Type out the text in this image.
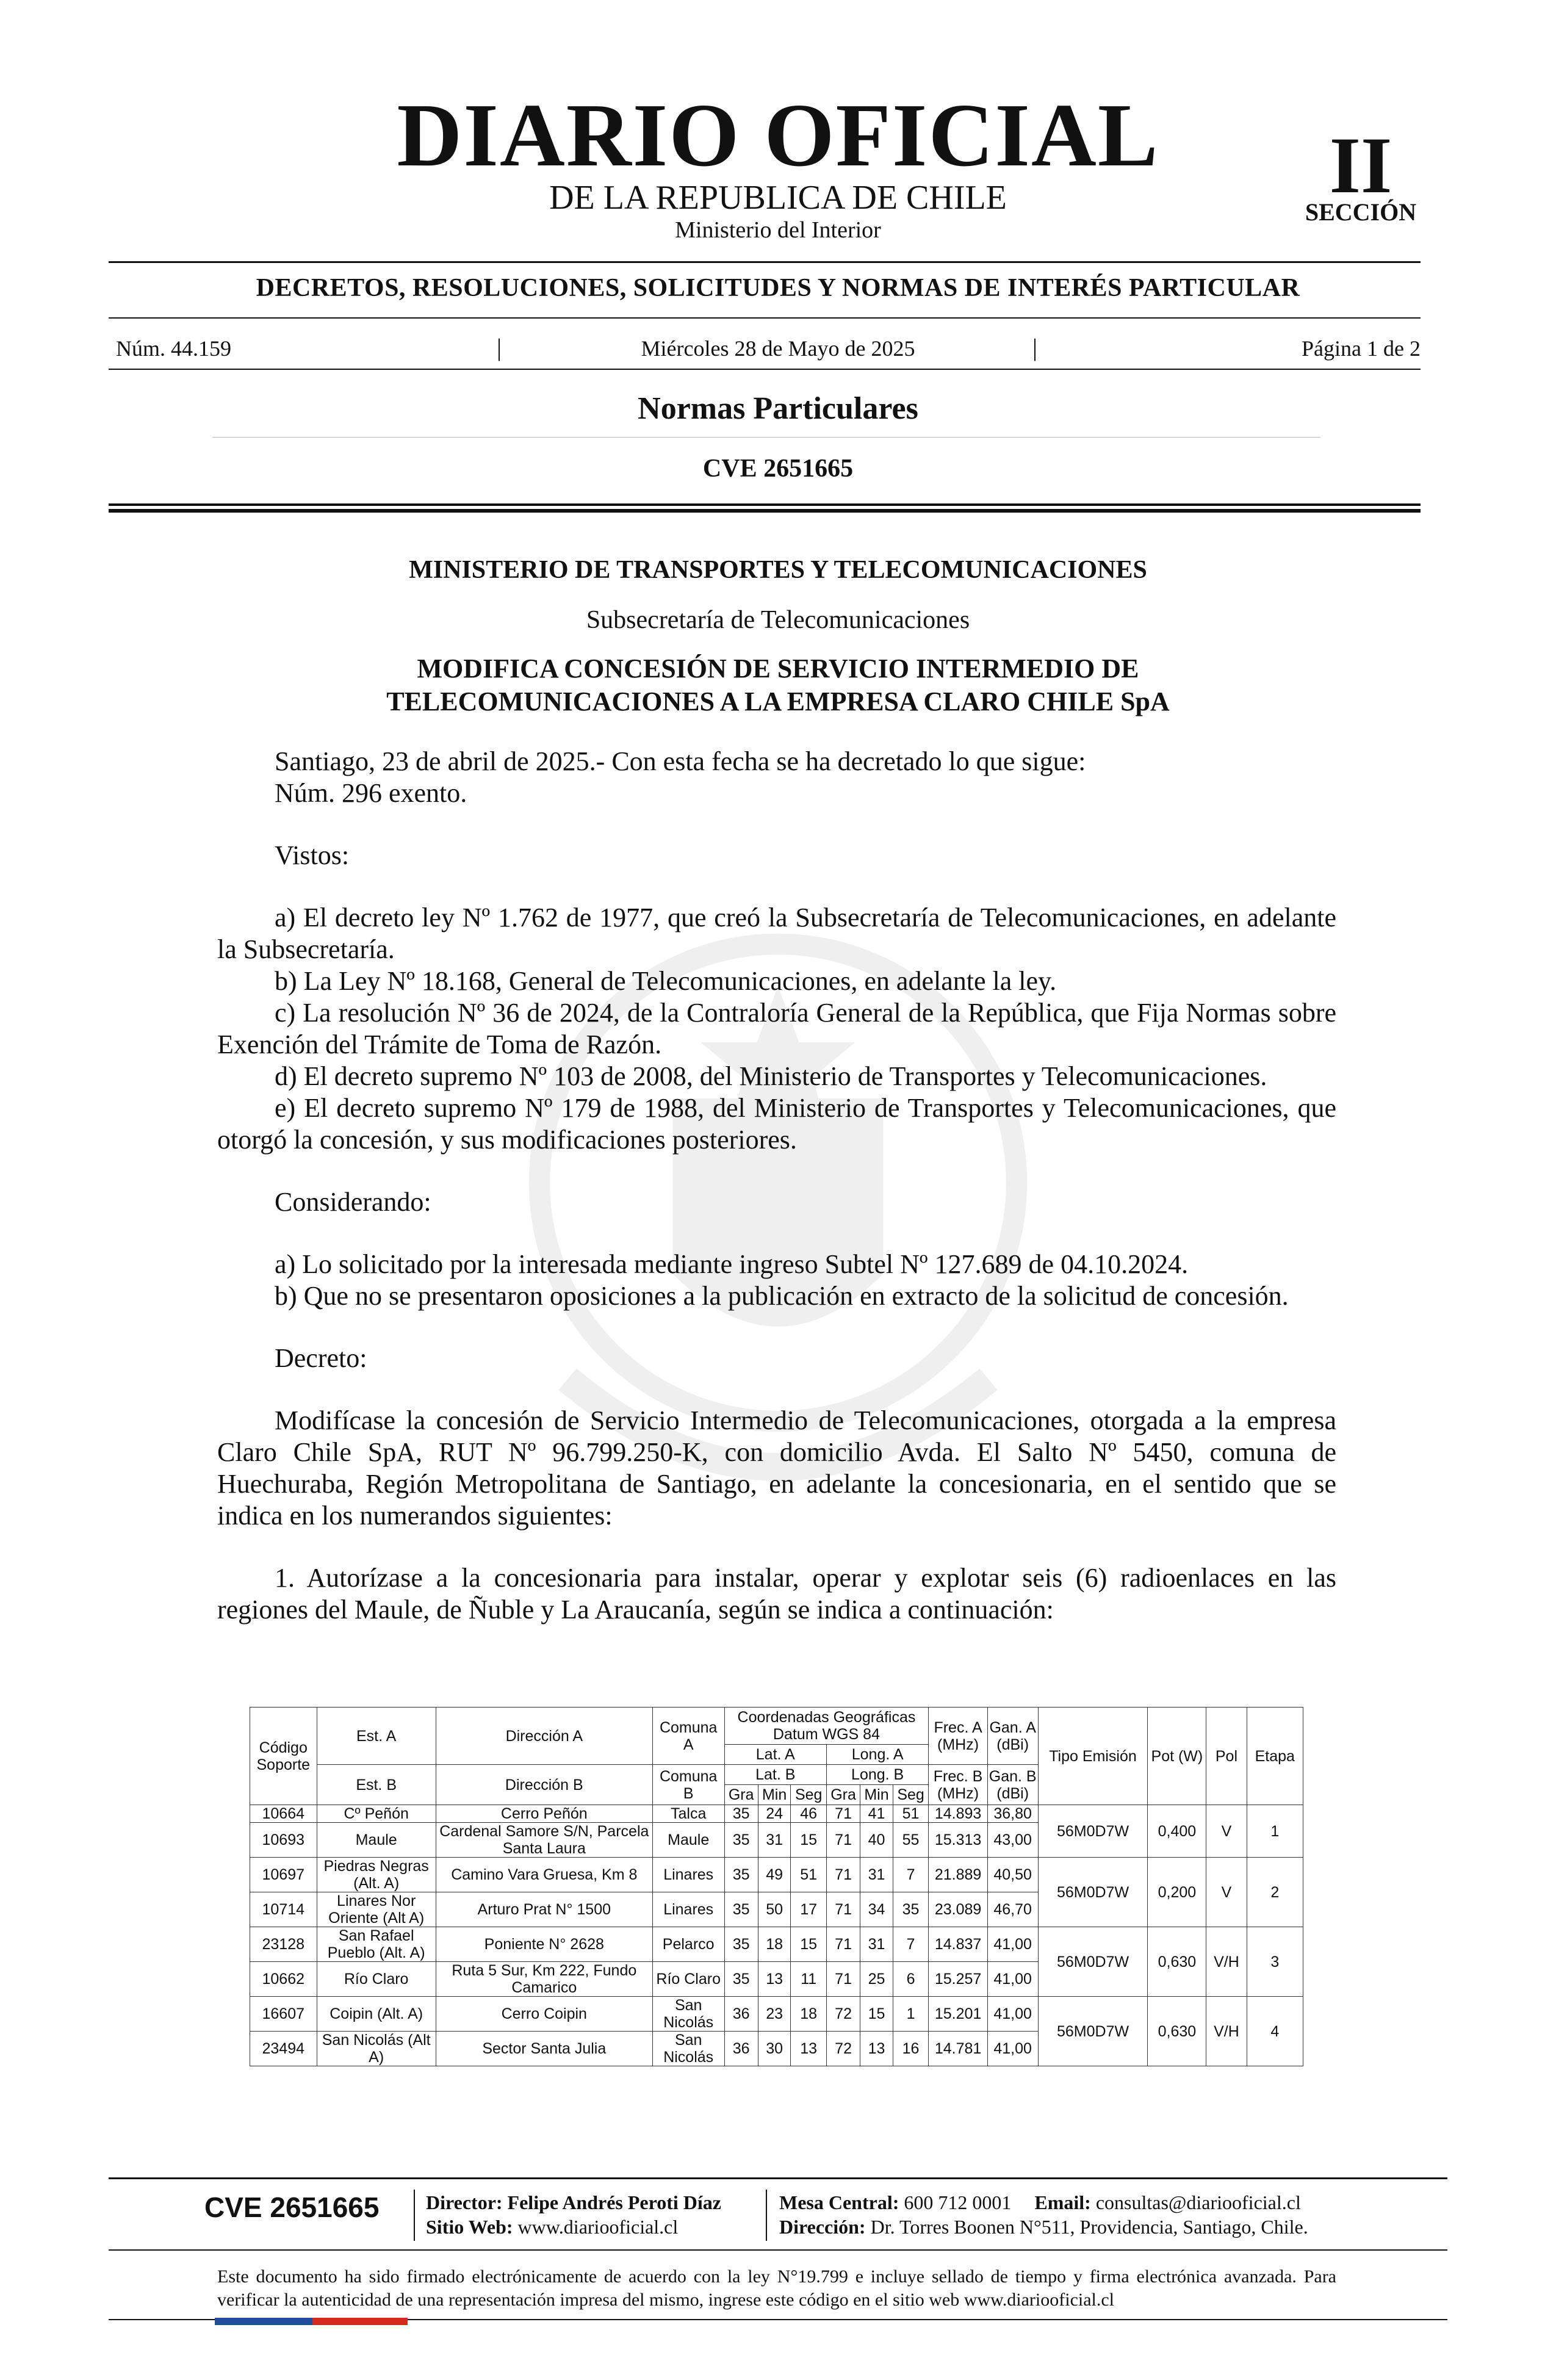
DIARIO OFICIAL
DE LA REPUBLICA DE CHILE
Ministerio del Interior
II
SECCIÓN
DECRETOS, RESOLUCIONES, SOLICITUDES Y NORMAS DE INTERÉS PARTICULAR
Núm. 44.159	|	Miércoles 28 de Mayo de 2025	|	Página 1 de 2
Normas Particulares
CVE 2651665
MINISTERIO DE TRANSPORTES Y TELECOMUNICACIONES
Subsecretaría de Telecomunicaciones
MODIFICA CONCESIÓN DE SERVICIO INTERMEDIO DE
TELECOMUNICACIONES A LA EMPRESA CLARO CHILE SpA

Santiago, 23 de abril de 2025.- Con esta fecha se ha decretado lo que sigue:

Núm. 296 exento.

Vistos:

a) El decreto ley Nº 1.762 de 1977, que creó la Subsecretaría de Telecomunicaciones, en adelante la Subsecretaría.

b) La Ley Nº 18.168, General de Telecomunicaciones, en adelante la ley.

c) La resolución Nº 36 de 2024, de la Contraloría General de la República, que Fija Normas sobre Exención del Trámite de Toma de Razón.

d) El decreto supremo Nº 103 de 2008, del Ministerio de Transportes y Telecomunicaciones.

e) El decreto supremo Nº 179 de 1988, del Ministerio de Transportes y Telecomunicaciones, que otorgó la concesión, y sus modificaciones posteriores.

Considerando:

a) Lo solicitado por la interesada mediante ingreso Subtel Nº 127.689 de 04.10.2024.

b) Que no se presentaron oposiciones a la publicación en extracto de la solicitud de concesión.

Decreto:

Modifícase la concesión de Servicio Intermedio de Telecomunicaciones, otorgada a la empresa Claro Chile SpA, RUT Nº 96.799.250-K, con domicilio Avda. El Salto Nº 5450, comuna de Huechuraba, Región Metropolitana de Santiago, en adelante la concesionaria, en el sentido que se indica en los numerandos siguientes:

1. Autorízase a la concesionaria para instalar, operar y explotar seis (6) radioenlaces en las regiones del Maule, de Ñuble y La Araucanía, según se indica a continuación:

Código Soporte	Est. A	Dirección A	Comuna A	Coordenadas Geográficas Datum WGS 84						Frec. A (MHz)	Gan. A (dBi)	Tipo Emisión	Pot (W)	Pol	Etapa
				Lat. A			Long. A								
	Est. B	Dirección B	Comuna B	Lat. B			Long. B			Frec. B (MHz)	Gan. B (dBi)				
				Gra	Min	Seg	Gra	Min	Seg						
10664	Cº Peñón	Cerro Peñón	Talca	35	24	46	71	41	51	14.893	36,80	56M0D7W	0,400	V	1
10693	Maule	Cardenal Samore S/N, Parcela Santa Laura	Maule	35	31	15	71	40	55	15.313	43,00				
10697	Piedras Negras (Alt. A)	Camino Vara Gruesa, Km 8	Linares	35	49	51	71	31	7	21.889	40,50	56M0D7W	0,200	V	2
10714	Linares Nor Oriente (Alt A)	Arturo Prat N° 1500	Linares	35	50	17	71	34	35	23.089	46,70				
23128	San Rafael Pueblo (Alt. A)	Poniente N° 2628	Pelarco	35	18	15	71	31	7	14.837	41,00	56M0D7W	0,630	V/H	3
10662	Río Claro	Ruta 5 Sur, Km 222, Fundo Camarico	Río Claro	35	13	11	71	25	6	15.257	41,00				
16607	Coipin (Alt. A)	Cerro Coipin	San Nicolás	36	23	18	72	15	1	15.201	41,00	56M0D7W	0,630	V/H	4
23494	San Nicolás (Alt A)	Sector Santa Julia	San Nicolás	36	30	13	72	13	16	14.781	41,00				
CVE 2651665 Director: Felipe Andrés Peroti Díaz
Sitio Web: www.diariooficial.cl
Mesa Central: 600 712 0001 Email: consultas@diariooficial.cl
Dirección: Dr. Torres Boonen N°511, Providencia, Santiago, Chile.
Este documento ha sido firmado electrónicamente de acuerdo con la ley N°19.799 e incluye sellado de tiempo y firma electrónica avanzada. Para verificar la autenticidad de una representación impresa del mismo, ingrese este código en el sitio web www.diariooficial.cl
